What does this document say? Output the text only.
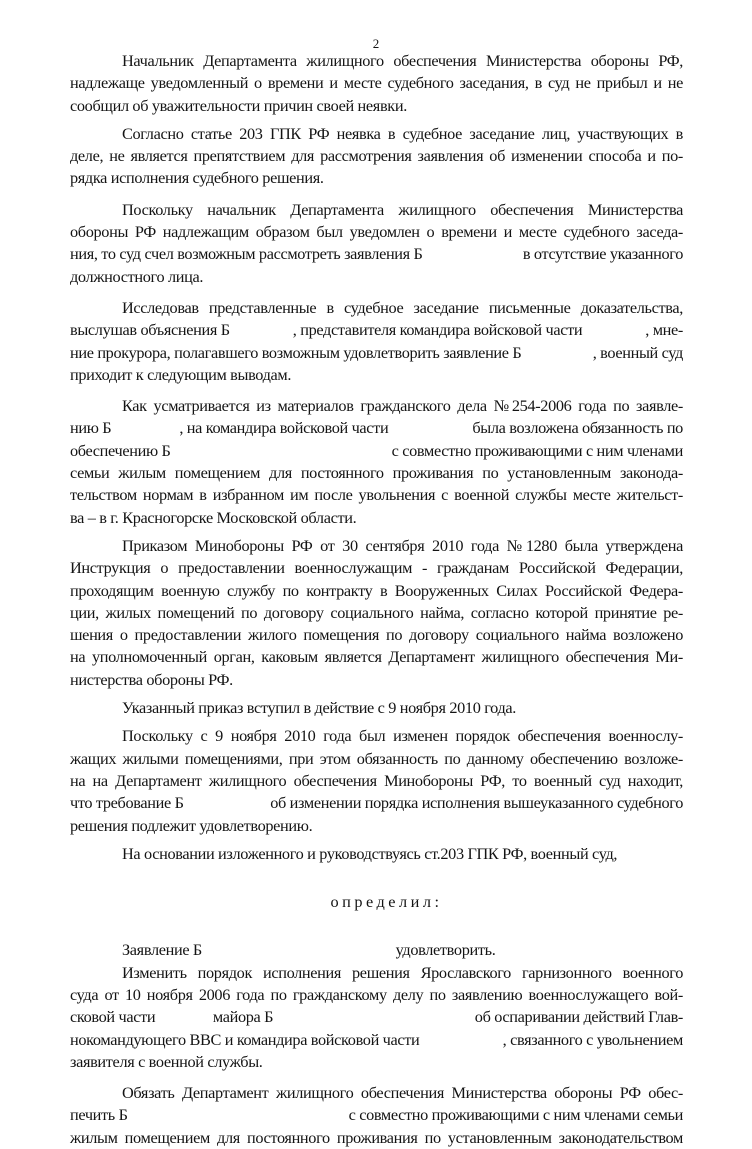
2
Начальник Департамента жилищного обеспечения Министерства обороны РФ,
надлежаще уведомленный о времени и месте судебного заседания, в суд не прибыл и не
сообщил об уважительности причин своей неявки.
Согласно статье 203 ГПК РФ неявка в судебное заседание лиц, участвующих в
деле, не является препятствием для рассмотрения заявления об изменении способа и по-
рядка исполнения судебного решения.
Поскольку начальник Департамента жилищного обеспечения Министерства
обороны РФ надлежащим образом был уведомлен о времени и месте судебного заседа-
ния, то суд счел возможным рассмотреть заявления Б	в отсутствие указанного
должностного лица.
Исследовав представленные в судебное заседание письменные доказательства,
выслушав объяснения Б	, представителя командира войсковой части	, мне-
ние прокурора, полагавшего возможным удовлетворить заявление Б	, военный суд
приходит к следующим выводам.
Как усматривается из материалов гражданского дела №254-2006 года по заявле-
нию Б	, на командира войсковой части	была возложена обязанность по
обеспечению Б	с совместно проживающими с ним членами
семьи жилым помещением для постоянного проживания по установленным законода-
тельством нормам в избранном им после увольнения с военной службы месте жительст-
ва – в г. Красногорске Московской области.
Приказом Минобороны РФ от 30 сентября 2010 года №1280 была утверждена
Инструкция о предоставлении военнослужащим - гражданам Российской Федерации,
проходящим военную службу по контракту в Вооруженных Силах Российской Федера-
ции, жилых помещений по договору социального найма, согласно которой принятие ре-
шения о предоставлении жилого помещения по договору социального найма возложено
на уполномоченный орган, каковым является Департамент жилищного обеспечения Ми-
нистерства обороны РФ.
Указанный приказ вступил в действие с 9 ноября 2010 года.
Поскольку с 9 ноября 2010 года был изменен порядок обеспечения военнослу-
жащих жилыми помещениями, при этом обязанность по данному обеспечению возложе-
на на Департамент жилищного обеспечения Минобороны РФ, то военный суд находит,
что требование Б	об изменении порядка исполнения вышеуказанного судебного
решения подлежит удовлетворению.
На основании изложенного и руководствуясь ст.203 ГПК РФ, военный суд,
определил:
Заявление Б	удовлетворить.
Изменить порядок исполнения решения Ярославского гарнизонного военного
суда от 10 ноября 2006 года по гражданскому делу по заявлению военнослужащего вой-
сковой части	майора Б	об оспаривании действий Глав-
нокомандующего ВВС и командира войсковой части	, связанного с увольнением
заявителя с военной службы.
Обязать Департамент жилищного обеспечения Министерства обороны РФ обес-
печить Б	с совместно проживающими с ним членами семьи
жилым помещением для постоянного проживания по установленным законодательством
